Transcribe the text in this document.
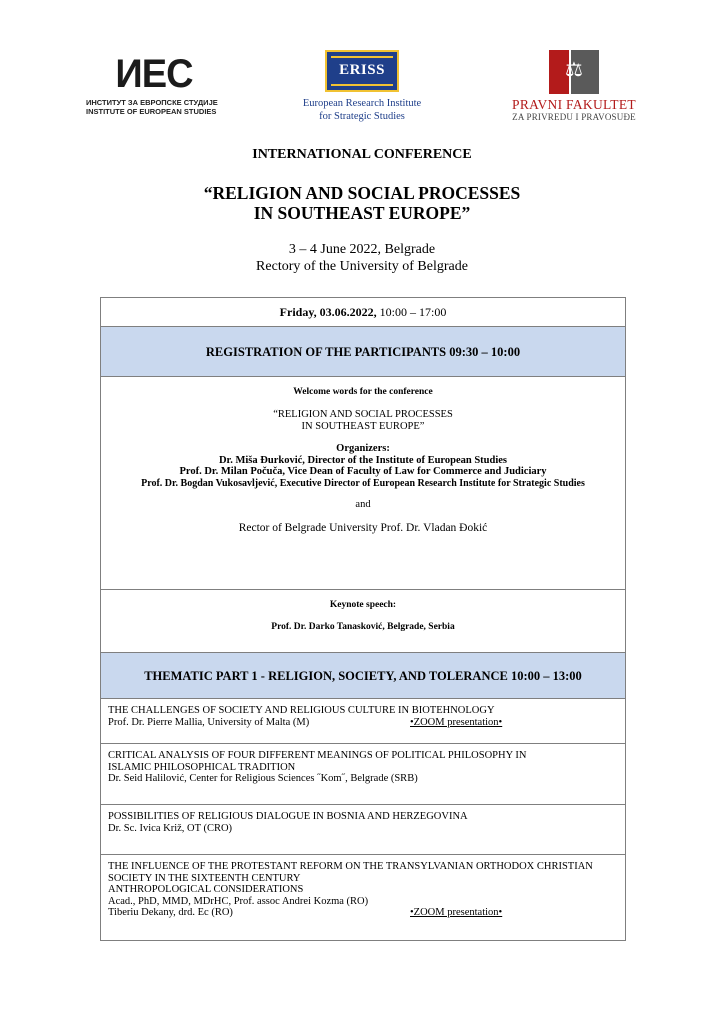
ИЕС
ИНСТИТУТ ЗА ЕВРОПСКЕ СТУДИЈЕ
INSTITUTE OF EUROPEAN STUDIES
ERISS
European Research Institute
for Strategic Studies
⚖
PRAVNI FAKULTET
ZA PRIVREDU I PRAVOSUĐE
INTERNATIONAL CONFERENCE
“RELIGION AND SOCIAL PROCESSES
IN SOUTHEAST EUROPE”
3 – 4 June 2022, Belgrade
Rectory of the University of Belgrade
Friday, 03.06.2022, 10:00 – 17:00
REGISTRATION OF THE PARTICIPANTS 09:30 – 10:00
Welcome words for the conference
“RELIGION AND SOCIAL PROCESSES
IN SOUTHEAST EUROPE”
Organizers:
Dr. Miša Đurković, Director of the Institute of European Studies
Prof. Dr. Milan Počuča, Vice Dean of Faculty of Law for Commerce and Judiciary
Prof. Dr. Bogdan Vukosavljević, Executive Director of European Research Institute for Strategic Studies
and
Rector of Belgrade University Prof. Dr. Vladan Đokić
Keynote speech:
Prof. Dr. Darko Tanasković, Belgrade, Serbia
THEMATIC PART 1 - RELIGION, SOCIETY, AND TOLERANCE 10:00 – 13:00
THE CHALLENGES OF SOCIETY AND RELIGIOUS CULTURE IN BIOTEHNOLOGY
Prof. Dr. Pierre Mallia, University of Malta (M)	•ZOOM presentation•
CRITICAL ANALYSIS OF FOUR DIFFERENT MEANINGS OF POLITICAL PHILOSOPHY IN
ISLAMIC PHILOSOPHICAL TRADITION
Dr. Seid Halilović, Center for Religious Sciences ˝Kom˝, Belgrade (SRB)
POSSIBILITIES OF RELIGIOUS DIALOGUE IN BOSNIA AND HERZEGOVINA
Dr. Sc. Ivica Križ, OT (CRO)
THE INFLUENCE OF THE PROTESTANT REFORM ON THE TRANSYLVANIAN ORTHODOX CHRISTIAN
SOCIETY IN THE SIXTEENTH CENTURY
ANTHROPOLOGICAL CONSIDERATIONS
Acad., PhD, MMD, MDrHC, Prof. assoc Andrei Kozma (RO)
Tiberiu Dekany, drd. Ec (RO)	•ZOOM presentation•
